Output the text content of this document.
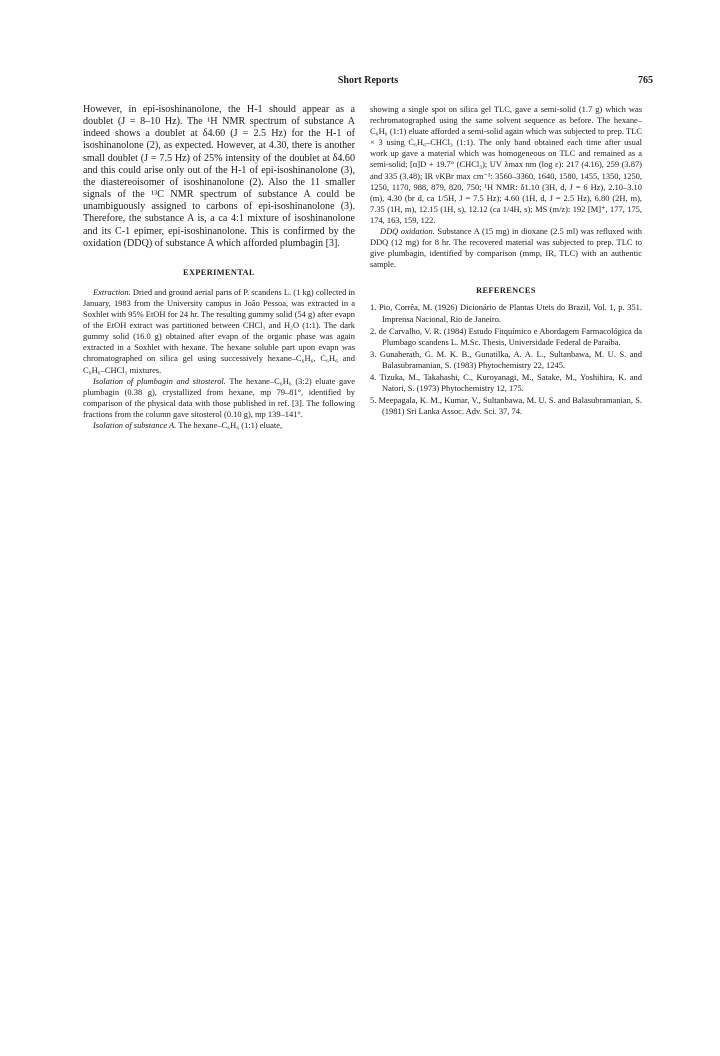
Short Reports	765

However, in epi-isoshinanolone, the H-1 should appear as a doublet (J = 8–10 Hz). The ¹H NMR spectrum of substance A indeed shows a doublet at δ4.60 (J = 2.5 Hz) for the H-1 of isoshinanolone (2), as expected. However, at 4.30, there is another small doublet (J = 7.5 Hz) of 25% intensity of the doublet at δ4.60 and this could arise only out of the H-1 of epi-isoshinanolone (3), the diastereoisomer of isoshinanolone (2). Also the 11 smaller signals of the ¹³C NMR spectrum of substance A could be unambiguously assigned to carbons of epi-isoshinanolone (3). Therefore, the substance A is, a ca 4:1 mixture of isoshinanolone and its C-1 epimer, epi-isoshinanolone. This is confirmed by the oxidation (DDQ) of substance A which afforded plumbagin [3].

EXPERIMENTAL

Extraction. Dried and ground aerial parts of P. scandens L. (1 kg) collected in January, 1983 from the University campus in João Pessoa, was extracted in a Soxhlet with 95% EtOH for 24 hr. The resulting gummy solid (54 g) after evapn of the EtOH extract was partitioned between CHCl₃ and H₂O (1:1). The dark gummy solid (16.0 g) obtained after evapn of the organic phase was again extracted in a Soxhlet with hexane. The hexane soluble part upon evapn was chromatographed on silica gel using successively hexane–C₆H₆, C₆H₆ and C₆H₆–CHCl₃ mixtures.

Isolation of plumbagin and sitosterol. The hexane–C₆H₆ (3:2) eluate gave plumbagin (0.38 g), crystallized from hexane, mp 79–81°, identified by comparison of the physical data with those published in ref. [3]. The following fractions from the column gave sitosterol (0.10 g), mp 139–141°.

Isolation of substance A. The hexane–C₆H₆ (1:1) eluate,

showing a single spot on silica gel TLC, gave a semi-solid (1.7 g) which was rechromatographed using the same solvent sequence as before. The hexane–C₆H₆ (1:1) eluate afforded a semi-solid again which was subjected to prep. TLC × 3 using C₆H₆–CHCl₃ (1:1). The only band obtained each time after usual work up gave a material which was homogeneous on TLC and remained as a semi-solid; [α]D + 19.7° (CHCl₃); UV λmax nm (log ε): 217 (4.16), 259 (3.87) and 335 (3.48); IR νKBr max cm⁻¹: 3560–3360, 1640, 1580, 1455, 1350, 1250, 1250, 1170, 988, 879, 820, 750; ¹H NMR: δ1.10 (3H, d, J = 6 Hz), 2.10–3.10 (m), 4.30 (br d, ca 1/5H, J = 7.5 Hz); 4.60 (1H, d, J = 2.5 Hz), 6.80 (2H, m), 7.35 (1H, m), 12.15 (1H, s), 12.12 (ca 1/4H, s); MS (m/z): 192 [M]⁺, 177, 175, 174, 163, 159, 122.

DDQ oxidation. Substance A (15 mg) in dioxane (2.5 ml) was refluxed with DDQ (12 mg) for 8 hr. The recovered material was subjected to prep. TLC to give plumbagin, identified by comparison (mmp, IR, TLC) with an authentic sample.

REFERENCES
1. Pio, Corrêa, M. (1926) Dicionário de Plantas Uteis do Brazil, Vol. 1, p. 351. Imprensa Nacional, Rio de Janeiro.
2. de Carvalho, V. R. (1984) Estudo Fitquímico e Abordagem Farmacológica da Plumbago scandens L. M.Sc. Thesis, Universidade Federal de Paraíba.
3. Gunaherath, G. M. K. B., Gunatilka, A. A. L., Sultanbawa, M. U. S. and Balasubramanian, S. (1983) Phytochemistry 22, 1245.
4. Tizuka, M., Takahashi, C., Kuroyanagi, M., Satake, M., Yoshihira, K. and Natori, S. (1973) Phytochemistry 12, 175.
5. Meepagala, K. M., Kumar, V., Sultanbawa, M. U. S. and Balasubramanian, S. (1981) Sri Lanka Assoc. Adv. Sci. 37, 74.
